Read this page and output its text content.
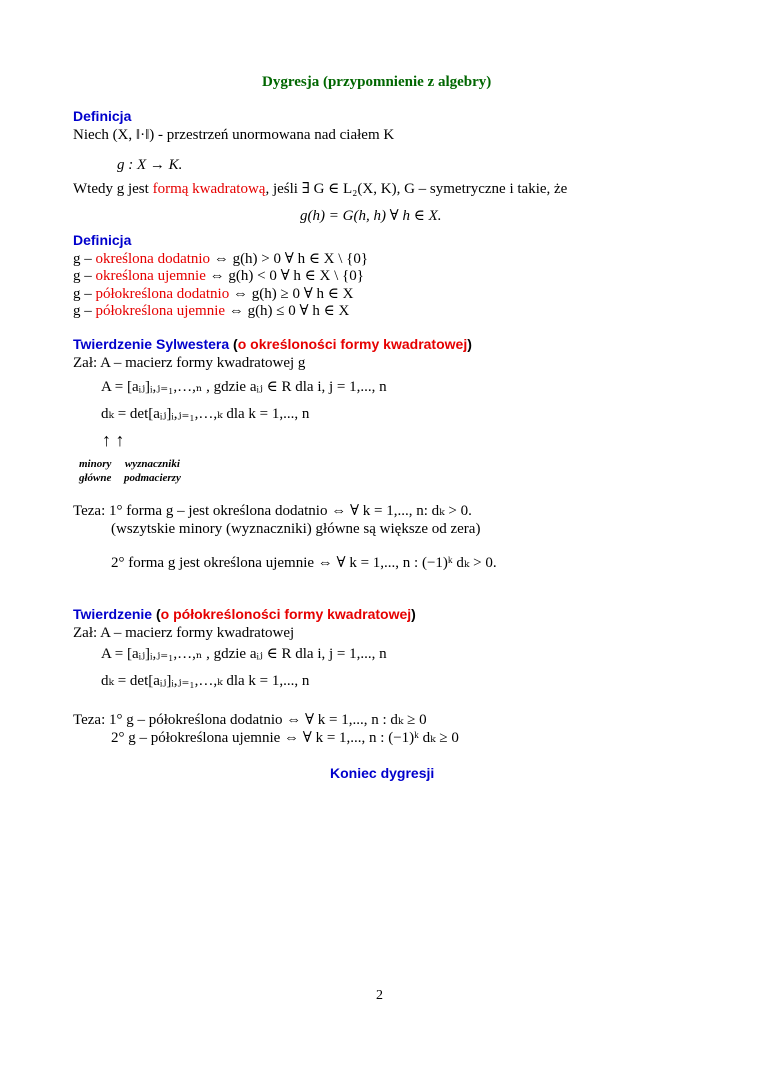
Dygresja (przypomnienie z algebry)
Definicja
Niech (X, ‖·‖) - przestrzeń unormowana nad ciałem K
g : X → K.
Wtedy g jest formą kwadratową, jeśli ∃ G ∈ L₂(X, K), G – symetryczne i takie, że
g(h) = G(h, h) ∀ h ∈ X.
Definicja
g – określona dodatnio ⇔ g(h) > 0 ∀ h ∈ X \ {0}
g – określona ujemnie ⇔ g(h) < 0 ∀ h ∈ X \ {0}
g – półokreślona dodatnio ⇔ g(h) ≥ 0 ∀ h ∈ X
g – półokreślona ujemnie ⇔ g(h) ≤ 0 ∀ h ∈ X
Twierdzenie Sylwestera (o określoności formy kwadratowej)
Zał: A – macierz formy kwadratowej g
A = [aᵢⱼ]ᵢ,ⱼ₌₁,…,ₙ , gdzie aᵢⱼ ∈ R dla i, j = 1,..., n
dₖ = det[aᵢⱼ]ᵢ,ⱼ₌₁,…,ₖ dla k = 1,..., n
↑ ↑
minory
główne
wyznaczniki
podmacierzy
Teza: 1° forma g – jest określona dodatnio ⇔ ∀ k = 1,..., n: dₖ > 0.
(wszytskie minory (wyznaczniki) główne są większe od zera)
2° forma g jest określona ujemnie ⇔ ∀ k = 1,..., n : (−1)ᵏ dₖ > 0.
Twierdzenie (o półokreśloności formy kwadratowej)
Zał: A – macierz formy kwadratowej
A = [aᵢⱼ]ᵢ,ⱼ₌₁,…,ₙ , gdzie aᵢⱼ ∈ R dla i, j = 1,..., n
dₖ = det[aᵢⱼ]ᵢ,ⱼ₌₁,…,ₖ dla k = 1,..., n
Teza: 1° g – półokreślona dodatnio ⇔ ∀ k = 1,..., n : dₖ ≥ 0
2° g – półokreślona ujemnie ⇔ ∀ k = 1,..., n : (−1)ᵏ dₖ ≥ 0
Koniec dygresji
2
